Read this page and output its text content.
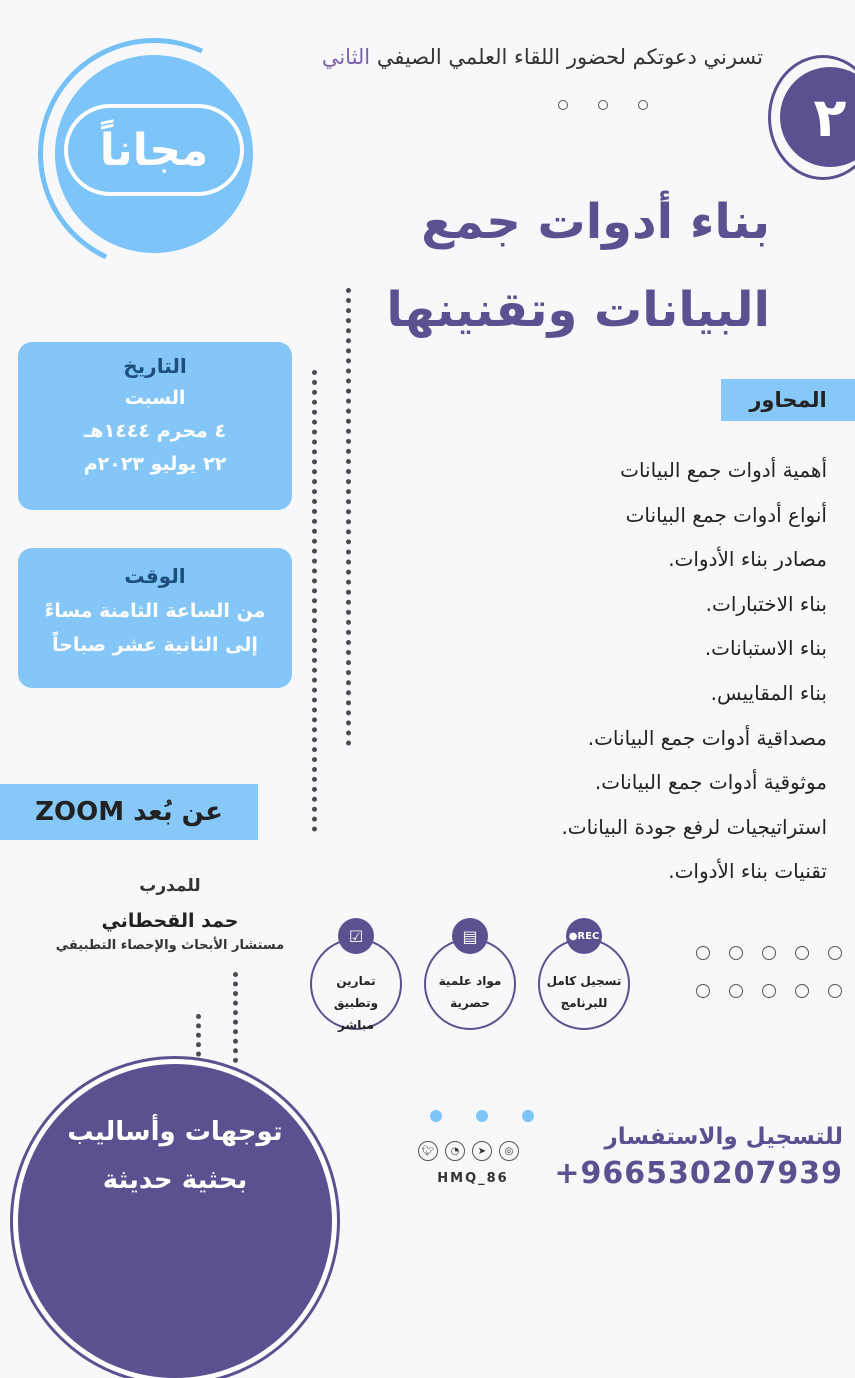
مجاناً
تسرني دعوتكم لحضور اللقاء العلمي الصيفي الثاني
٢
بناء أدوات جمع
البيانات وتقنينها
التاريخ
السبت
٤ محرم ١٤٤٤هـ
٢٢ يوليو ٢٠٢٣م
الوقت
من الساعة الثامنة مساءً
إلى الثانية عشر صباحاً
المحاور
أهمية أدوات جمع البيانات
أنواع أدوات جمع البيانات
مصادر بناء الأدوات.
بناء الاختبارات.
بناء الاستبانات.
بناء المقاييس.
مصداقية أدوات جمع البيانات.
موثوقية أدوات جمع البيانات.
استراتيجيات لرفع جودة البيانات.
تقنيات بناء الأدوات.
عن بُعد ZOOM
للمدرب
حمد القحطاني
مستشار الأبحاث والإحصاء التطبيقي
●REC
تسجيل كامل للبرنامج
▤
مواد علمية حصرية
☑
تمارين وتطبيق مباشر
توجهات وأساليب بحثية حديثة
🐦︎	◔	➤	◎
HMQ_86
للتسجيل والاستفسار
+966530207939
